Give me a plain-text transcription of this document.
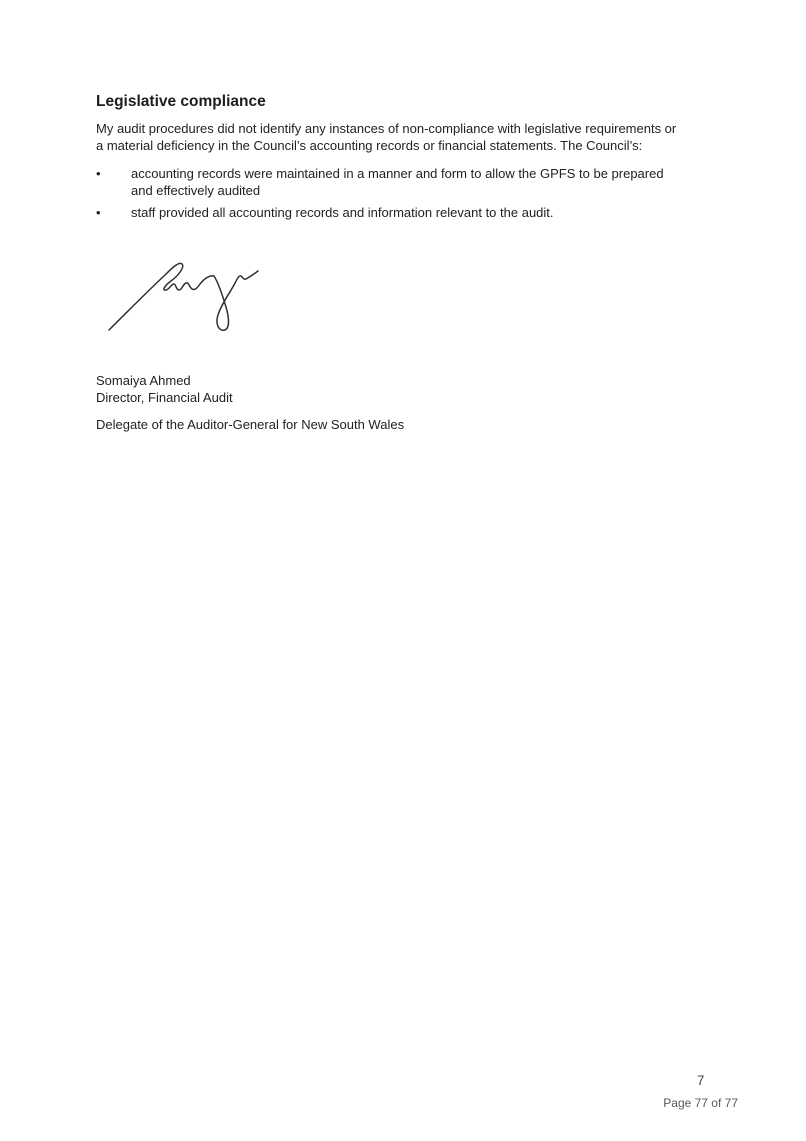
Legislative compliance

My audit procedures did not identify any instances of non-compliance with legislative requirements or
a material deficiency in the Council’s accounting records or financial statements. The Council’s:

•	accounting records were maintained in a manner and form to allow the GPFS to be prepared
and effectively audited
•	staff provided all accounting records and information relevant to the audit.
Somaiya Ahmed
Director, Financial Audit
Delegate of the Auditor-General for New South Wales
7
Page 77 of 77
